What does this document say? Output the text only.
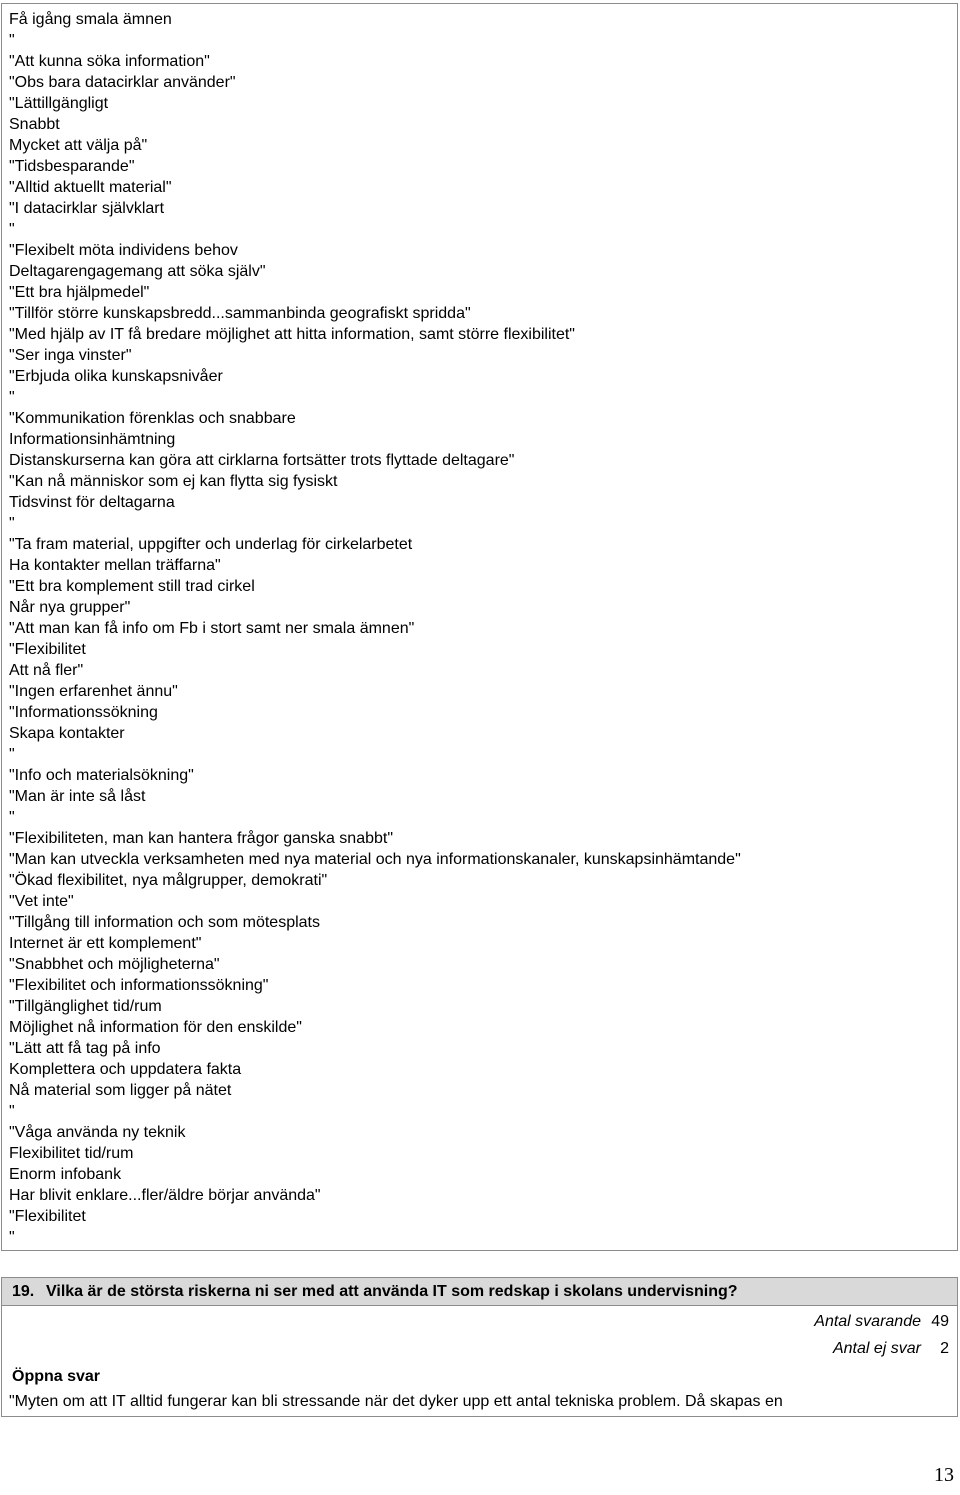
Få igång smala ämnen
"
"Att kunna söka information"
"Obs bara datacirklar använder"
"Lättillgängligt
Snabbt
Mycket att välja på"
"Tidsbesparande"
"Alltid aktuellt material"
"I datacirklar självklart
"
"Flexibelt möta individens behov
Deltagarengagemang att söka själv"
"Ett bra hjälpmedel"
"Tillför större kunskapsbredd...sammanbinda geografiskt spridda"
"Med hjälp av IT få bredare möjlighet att hitta information, samt större flexibilitet"
"Ser inga vinster"
"Erbjuda olika kunskapsnivåer
"
"Kommunikation förenklas och snabbare
Informationsinhämtning
Distanskurserna kan göra att cirklarna fortsätter trots flyttade deltagare"
"Kan nå människor som ej kan flytta sig fysiskt
Tidsvinst för deltagarna
"
"Ta fram material, uppgifter och underlag för cirkelarbetet
Ha kontakter mellan träffarna"
"Ett bra komplement still trad cirkel
Når nya grupper"
"Att man kan få info om Fb i stort samt ner smala ämnen"
"Flexibilitet
Att nå fler"
"Ingen erfarenhet ännu"
"Informationssökning
Skapa kontakter
"
"Info och materialsökning"
"Man är inte så låst
"
"Flexibiliteten, man kan hantera frågor ganska snabbt"
"Man kan utveckla verksamheten med nya material och nya informationskanaler, kunskapsinhämtande"
"Ökad flexibilitet, nya målgrupper, demokrati"
"Vet inte"
"Tillgång till information och som mötesplats
Internet är ett komplement"
"Snabbhet och möjligheterna"
"Flexibilitet och informationssökning"
"Tillgänglighet tid/rum
Möjlighet nå information för den enskilde"
"Lätt att få tag på info
Komplettera och uppdatera fakta
Nå material som ligger på nätet
"
"Våga använda ny teknik
Flexibilitet tid/rum
Enorm infobank
Har blivit enklare...fler/äldre börjar använda"
"Flexibilitet
"
19. Vilka är de största riskerna ni ser med att använda IT som redskap i skolans undervisning?
Antal svarande 49
Antal ej svar 2
Öppna svar
"Myten om att IT alltid fungerar kan bli stressande när det dyker upp ett antal tekniska problem. Då skapas en
13
